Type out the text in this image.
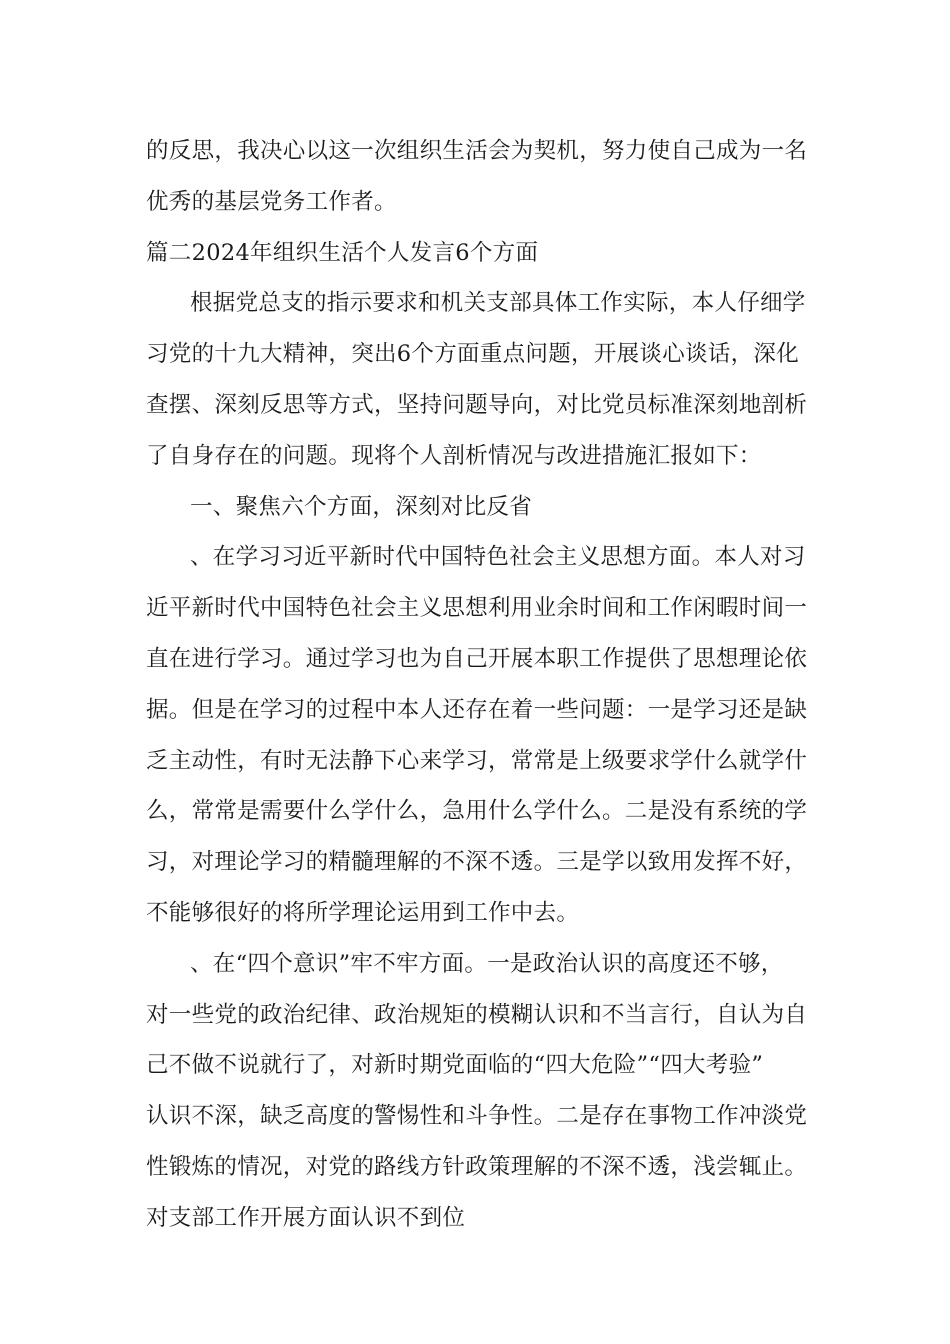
的反思，我决心以这一次组织生活会为契机，努力使自己成为一名
优秀的基层党务工作者。
篇二2024年组织生活个人发言6个方面
根据党总支的指示要求和机关支部具体工作实际，本人仔细学
习党的十九大精神，突出6个方面重点问题，开展谈心谈话，深化
查摆、深刻反思等方式，坚持问题导向，对比党员标准深刻地剖析
了自身存在的问题。现将个人剖析情况与改进措施汇报如下：
一、聚焦六个方面，深刻对比反省
、在学习习近平新时代中国特色社会主义思想方面。本人对习
近平新时代中国特色社会主义思想利用业余时间和工作闲暇时间一
直在进行学习。通过学习也为自己开展本职工作提供了思想理论依
据。但是在学习的过程中本人还存在着一些问题：一是学习还是缺
乏主动性，有时无法静下心来学习，常常是上级要求学什么就学什
么，常常是需要什么学什么，急用什么学什么。二是没有系统的学
习，对理论学习的精髓理解的不深不透。三是学以致用发挥不好，
不能够很好的将所学理论运用到工作中去。
、在“四个意识”牢不牢方面。一是政治认识的高度还不够，
对一些党的政治纪律、政治规矩的模糊认识和不当言行，自认为自
己不做不说就行了，对新时期党面临的“四大危险”“四大考验”
认识不深，缺乏高度的警惕性和斗争性。二是存在事物工作冲淡党
性锻炼的情况，对党的路线方针政策理解的不深不透，浅尝辄止。
对支部工作开展方面认识不到位
